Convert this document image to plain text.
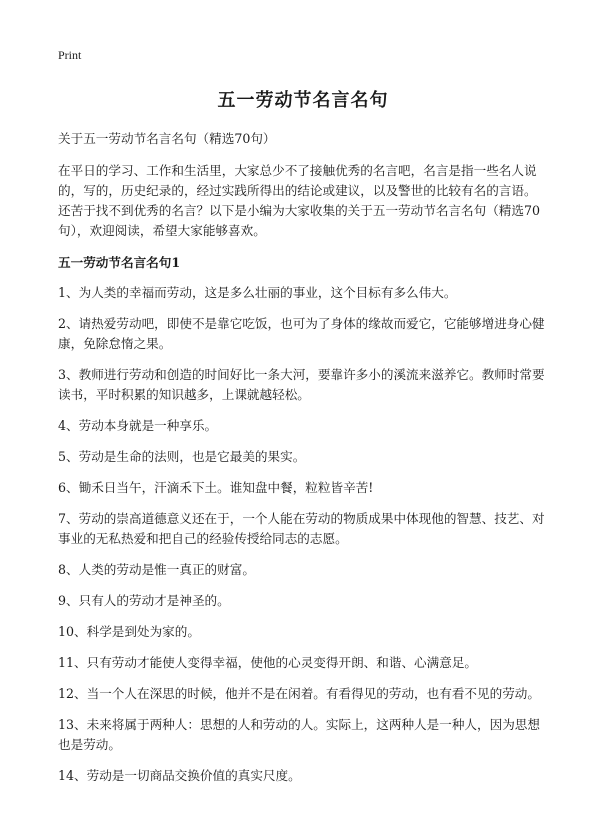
Print
五一劳动节名言名句

关于五一劳动节名言名句（精选70句）

在平日的学习、工作和生活里，大家总少不了接触优秀的名言吧，名言是指一些名人说的，写的，历史纪录的，经过实践所得出的结论或建议，以及警世的比较有名的言语。还苦于找不到优秀的名言？以下是小编为大家收集的关于五一劳动节名言名句（精选70句），欢迎阅读，希望大家能够喜欢。

五一劳动节名言名句1
1、为人类的幸福而劳动，这是多么壮丽的事业，这个目标有多么伟大。
2、请热爱劳动吧，即使不是靠它吃饭，也可为了身体的缘故而爱它，它能够增进身心健康，免除怠惰之果。
3、教师进行劳动和创造的时间好比一条大河，要靠许多小的溪流来滋养它。教师时常要读书，平时积累的知识越多，上课就越轻松。
4、劳动本身就是一种享乐。
5、劳动是生命的法则，也是它最美的果实。
6、锄禾日当午，汗滴禾下土。谁知盘中餐，粒粒皆辛苦!
7、劳动的崇高道德意义还在于，一个人能在劳动的物质成果中体现他的智慧、技艺、对事业的无私热爱和把自己的经验传授给同志的志愿。
8、人类的劳动是惟一真正的财富。
9、只有人的劳动才是神圣的。
10、科学是到处为家的。
11、只有劳动才能使人变得幸福，使他的心灵变得开朗、和谐、心满意足。
12、当一个人在深思的时候，他并不是在闲着。有看得见的劳动，也有看不见的劳动。
13、未来将属于两种人：思想的人和劳动的人。实际上，这两种人是一种人，因为思想也是劳动。
14、劳动是一切商品交换价值的真实尺度。
